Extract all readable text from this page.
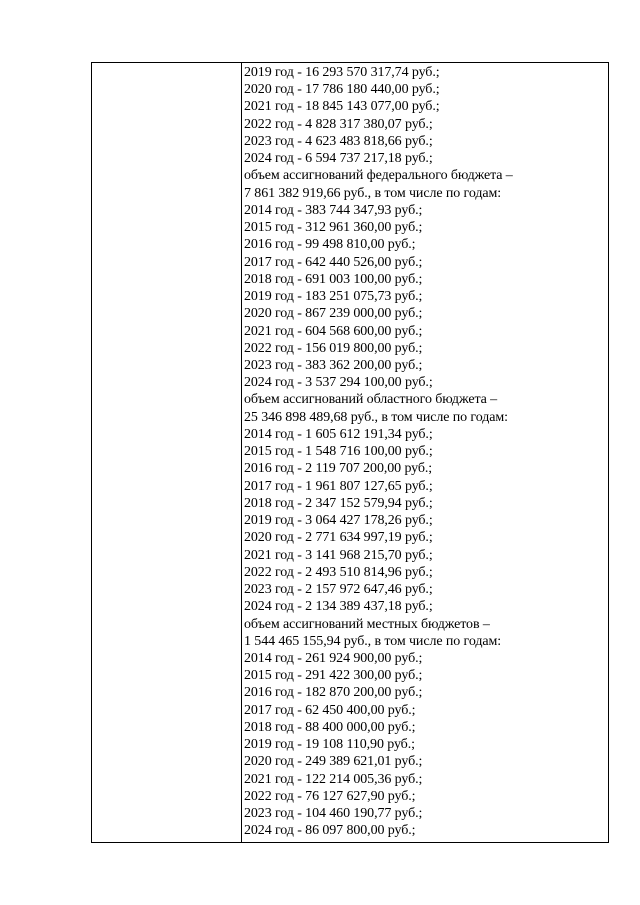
2019 год - 16 293 570 317,74 руб.;
2020 год - 17 786 180 440,00 руб.;
2021 год - 18 845 143 077,00 руб.;
2022 год - 4 828 317 380,07 руб.;
2023 год - 4 623 483 818,66 руб.;
2024 год - 6 594 737 217,18 руб.;
объем ассигнований федерального бюджета –
7 861 382 919,66 руб., в том числе по годам:
2014 год - 383 744 347,93 руб.;
2015 год - 312 961 360,00 руб.;
2016 год - 99 498 810,00 руб.;
2017 год - 642 440 526,00 руб.;
2018 год - 691 003 100,00 руб.;
2019 год - 183 251 075,73 руб.;
2020 год - 867 239 000,00 руб.;
2021 год - 604 568 600,00 руб.;
2022 год - 156 019 800,00 руб.;
2023 год - 383 362 200,00 руб.;
2024 год - 3 537 294 100,00 руб.;
объем ассигнований областного бюджета –
25 346 898 489,68 руб., в том числе по годам:
2014 год - 1 605 612 191,34 руб.;
2015 год - 1 548 716 100,00 руб.;
2016 год - 2 119 707 200,00 руб.;
2017 год - 1 961 807 127,65 руб.;
2018 год - 2 347 152 579,94 руб.;
2019 год - 3 064 427 178,26 руб.;
2020 год - 2 771 634 997,19 руб.;
2021 год - 3 141 968 215,70 руб.;
2022 год - 2 493 510 814,96 руб.;
2023 год - 2 157 972 647,46 руб.;
2024 год - 2 134 389 437,18 руб.;
объем ассигнований местных бюджетов –
1 544 465 155,94 руб., в том числе по годам:
2014 год - 261 924 900,00 руб.;
2015 год - 291 422 300,00 руб.;
2016 год - 182 870 200,00 руб.;
2017 год - 62 450 400,00 руб.;
2018 год - 88 400 000,00 руб.;
2019 год - 19 108 110,90 руб.;
2020 год - 249 389 621,01 руб.;
2021 год - 122 214 005,36 руб.;
2022 год - 76 127 627,90 руб.;
2023 год - 104 460 190,77 руб.;
2024 год - 86 097 800,00 руб.;
